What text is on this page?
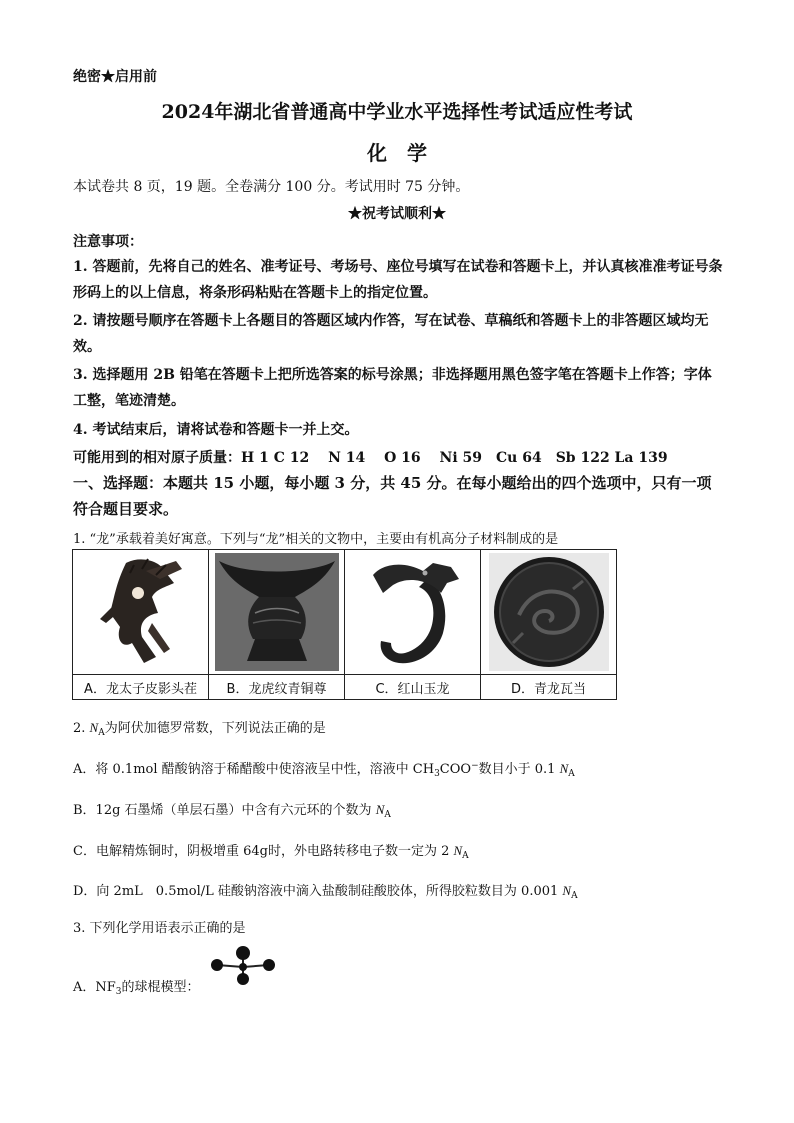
绝密★启用前
2024年湖北省普通高中学业水平选择性考试适应性考试
化　学
本试卷共 8 页，19 题。全卷满分 100 分。考试用时 75 分钟。
★祝考试顺利★
注意事项：
1. 答题前，先将自己的姓名、准考证号、考场号、座位号填写在试卷和答题卡上，并认真核准准考证号条形码上的以上信息，将条形码粘贴在答题卡上的指定位置。
2. 请按题号顺序在答题卡上各题目的答题区域内作答，写在试卷、草稿纸和答题卡上的非答题区域均无效。
3. 选择题用 2B 铅笔在答题卡上把所选答案的标号涂黑；非选择题用黑色签字笔在答题卡上作答；字体工整，笔迹清楚。
4. 考试结束后，请将试卷和答题卡一并上交。
可能用到的相对原子质量：H 1 C 12　 N 14　 O 16　 Ni 59　Cu 64　Sb 122 La 139
一、选择题：本题共 15 小题，每小题 3 分，共 45 分。在每小题给出的四个选项中，只有一项符合题目要求。
1. “龙”承载着美好寓意。下列与“龙”相关的文物中，主要由有机高分子材料制成的是

A．龙太子皮影头茬	B．龙虎纹青铜尊	C．红山玉龙	D．青龙瓦当
2. $N_A$为阿伏加德罗常数，下列说法正确的是
A．将 0.1mol 醋酸钠溶于稀醋酸中使溶液呈中性，溶液中 $CH_3COO^-$数目小于 0.1 $N_A$
B．12g 石墨烯（单层石墨）中含有六元环的个数为 $N_A$
C．电解精炼铜时，阴极增重 64g时，外电路转移电子数一定为 2 $N_A$
D．向 2mL　0.5mol/L 硅酸钠溶液中滴入盐酸制硅酸胶体，所得胶粒数目为 0.001 $N_A$
3. 下列化学用语表示正确的是
A．$NF_3$的球棍模型：
